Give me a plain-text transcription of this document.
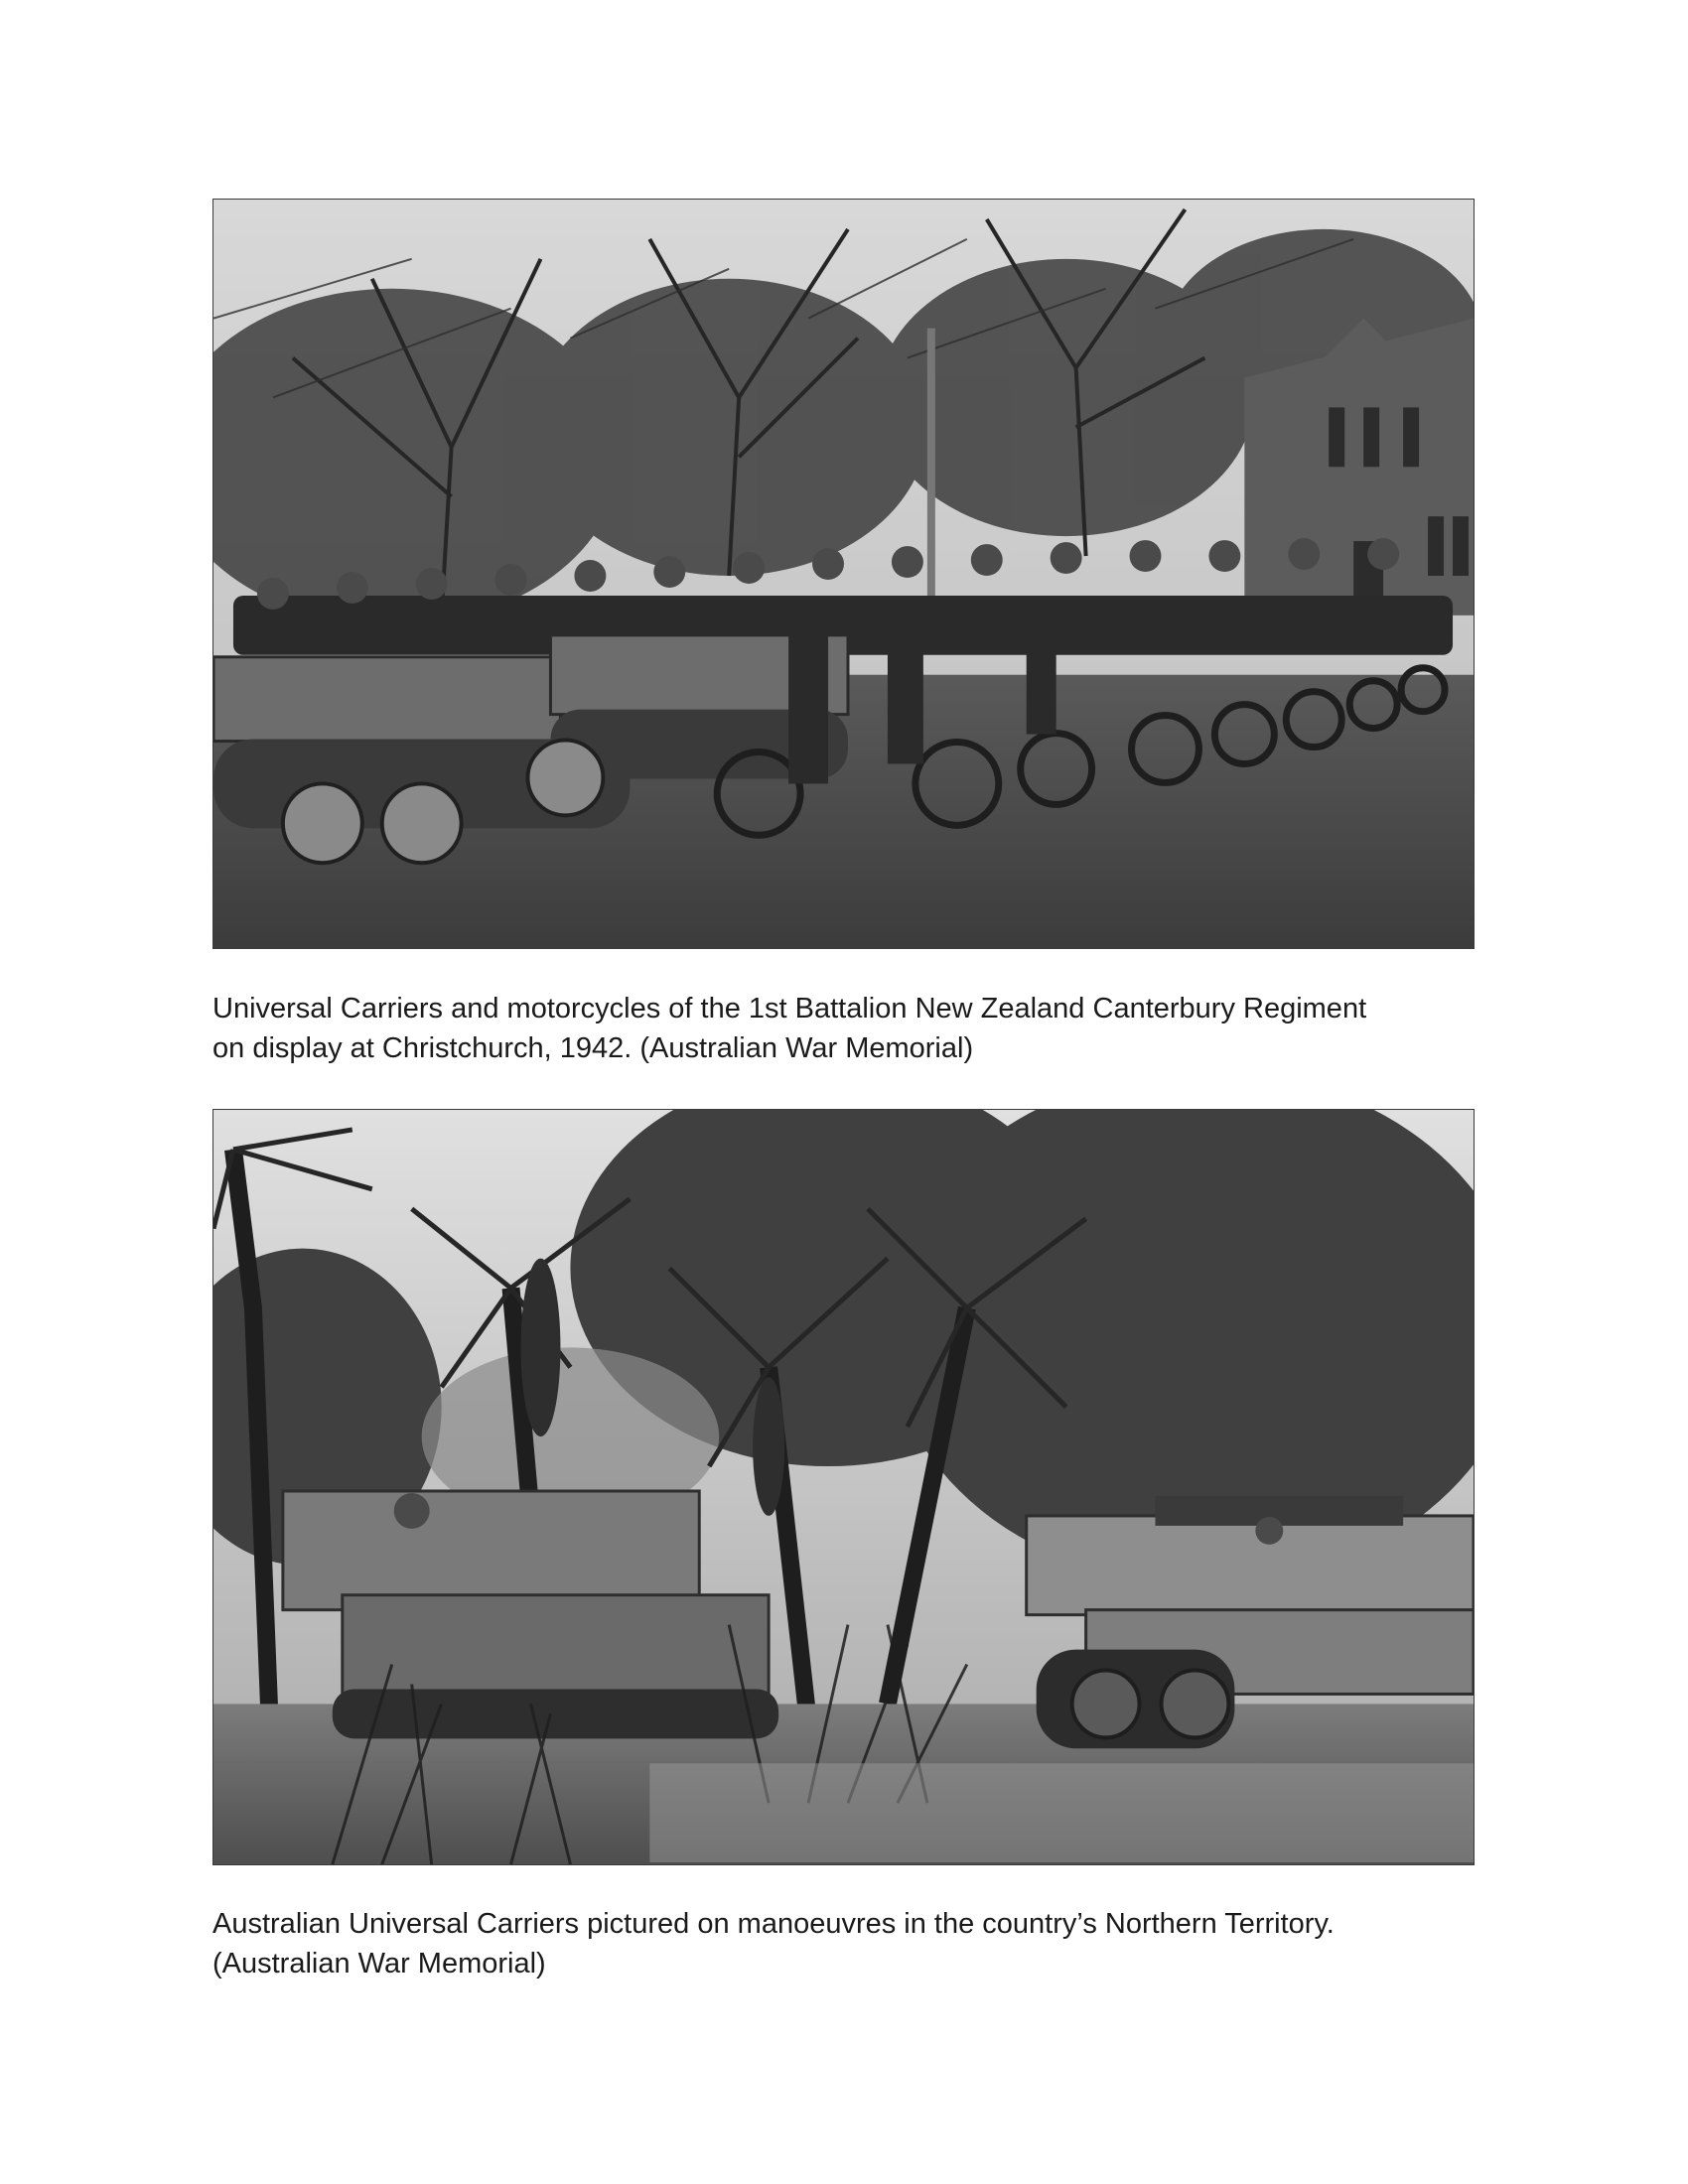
Universal Carriers and motorcycles of the 1st Battalion New Zealand Canterbury Regiment
on display at Christchurch, 1942. (Australian War Memorial)

Australian Universal Carriers pictured on manoeuvres in the country’s Northern Territory.
(Australian War Memorial)
